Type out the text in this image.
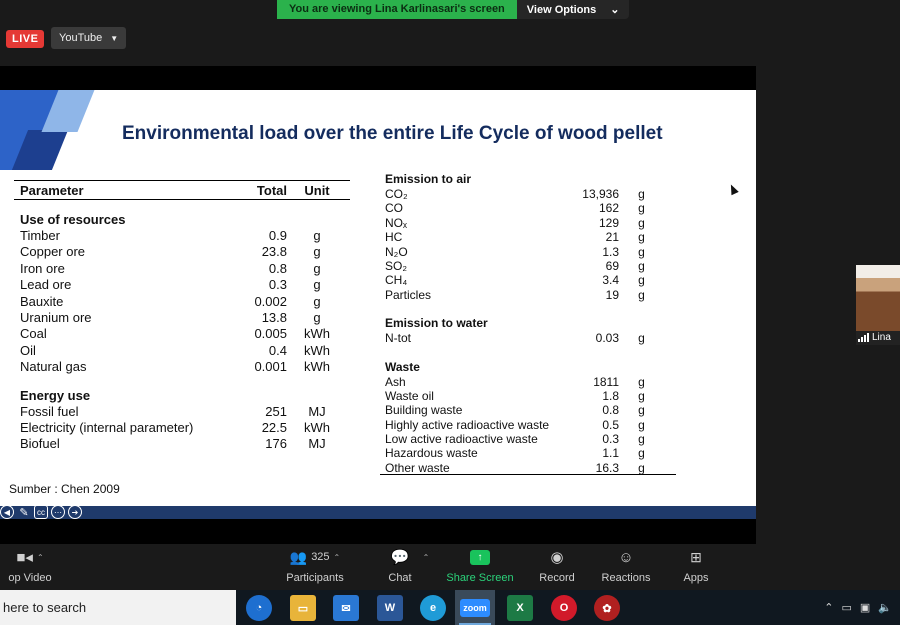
You are viewing Lina Karlinasari's screen	View Options ⌄
LIVE	YouTube ▼
Environmental load over the entire Life Cycle of wood pellet
Parameter	Total	Unit
Use of resources
Timber	0.9	g
Copper ore	23.8	g
Iron ore	0.8	g
Lead ore	0.3	g
Bauxite	0.002	g
Uranium ore	13.8	g
Coal	0.005	kWh
Oil	0.4	kWh
Natural gas	0.001	kWh
Energy use
Fossil fuel	251	MJ
Electricity (internal parameter)	22.5	kWh
Biofuel	176	MJ
Emission to air
CO₂	13,936	g
CO	162	g
NOₓ	129	g
HC	21	g
N₂O	1.3	g
SO₂	69	g
CH₄	3.4	g
Particles	19	g
Emission to water
N-tot	0.03	g
Waste
Ash	1811	g
Waste oil	1.8	g
Building waste	0.8	g
Highly active radioactive waste	0.5	g
Low active radioactive waste	0.3	g
Hazardous waste	1.1	g
Other waste	16.3	g
Sumber : Chen 2009
◀ ✎	cc	⋯	➔
Lina
■◂ ⌃
op Video
👥 325 ⌃
Participants
💬
Chat
⌃	↑
Share Screen
◉
Record
☺
Reactions
⊞
Apps
here to search	◔	▭	✉	W	e	zoom	X	O	✿	⌃ ▭ ▣ 🔈
